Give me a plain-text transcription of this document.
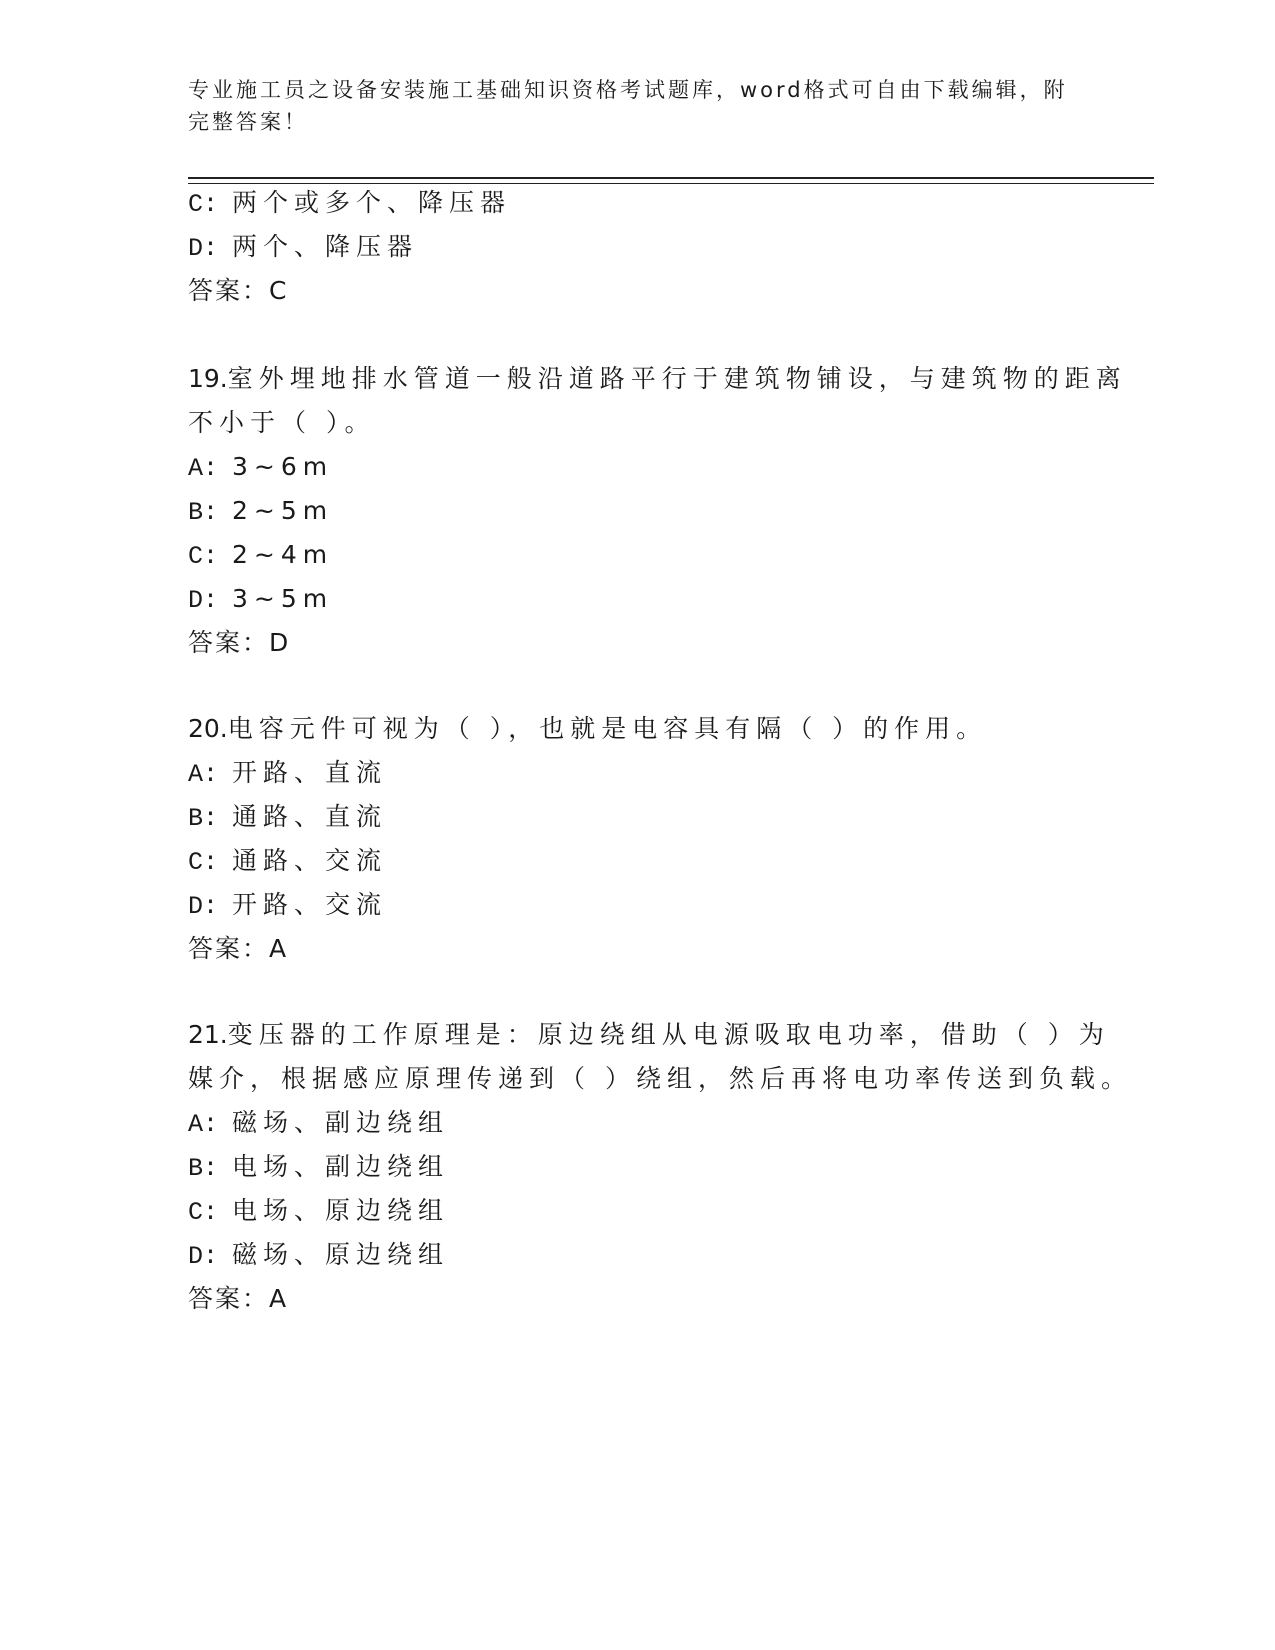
专业施工员之设备安装施工基础知识资格考试题库，word格式可自由下载编辑，附完整答案！
C: 两个或多个、降压器
D: 两个、降压器
答案：C
19.室外埋地排水管道一般沿道路平行于建筑物铺设，与建筑物的距离
不小于（ ）。
A: 3~6m
B: 2~5m
C: 2~4m
D: 3~5m
答案：D
20.电容元件可视为（ ），也就是电容具有隔（ ）的作用。
A: 开路、直流
B: 通路、直流
C: 通路、交流
D: 开路、交流
答案：A
21.变压器的工作原理是：原边绕组从电源吸取电功率，借助（ ）为
媒介，根据感应原理传递到（ ）绕组，然后再将电功率传送到负载。
A: 磁场、副边绕组
B: 电场、副边绕组
C: 电场、原边绕组
D: 磁场、原边绕组
答案：A
